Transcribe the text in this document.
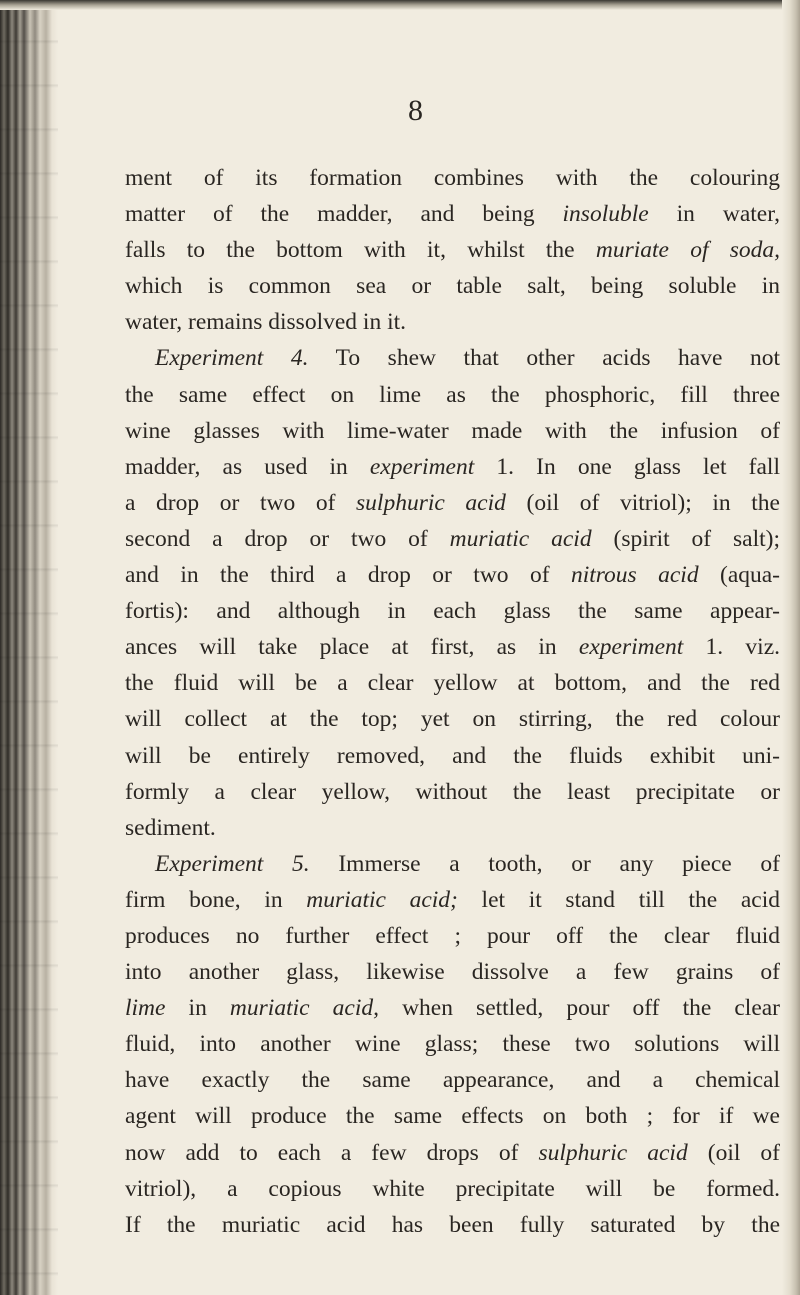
8
ment of its formation combines with the colouring
matter of the madder, and being insoluble in water,
falls to the bottom with it, whilst the muriate of soda,
which is common sea or table salt, being soluble in
water, remains dissolved in it.
Experiment 4. To shew that other acids have not
the same effect on lime as the phosphoric, fill three
wine glasses with lime-water made with the infusion of
madder, as used in experiment 1. In one glass let fall
a drop or two of sulphuric acid (oil of vitriol); in the
second a drop or two of muriatic acid (spirit of salt);
and in the third a drop or two of nitrous acid (aqua-
fortis): and although in each glass the same appear-
ances will take place at first, as in experiment 1. viz.
the fluid will be a clear yellow at bottom, and the red
will collect at the top; yet on stirring, the red colour
will be entirely removed, and the fluids exhibit uni-
formly a clear yellow, without the least precipitate or
sediment.
Experiment 5. Immerse a tooth, or any piece of
firm bone, in muriatic acid; let it stand till the acid
produces no further effect ; pour off the clear fluid
into another glass, likewise dissolve a few grains of
lime in muriatic acid, when settled, pour off the clear
fluid, into another wine glass; these two solutions will
have exactly the same appearance, and a chemical
agent will produce the same effects on both ; for if we
now add to each a few drops of sulphuric acid (oil of
vitriol), a copious white precipitate will be formed.
If the muriatic acid has been fully saturated by the
